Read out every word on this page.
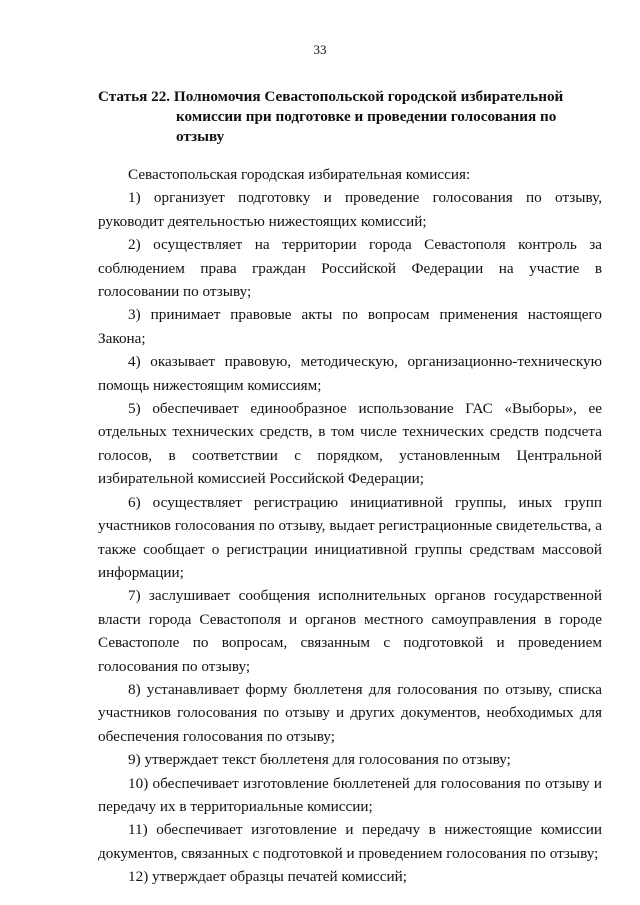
33
Статья 22. Полномочия Севастопольской городской избирательной
комиссии при подготовке и проведении голосования по отзыву

Севастопольская городская избирательная комиссия:

1) организует подготовку и проведение голосования по отзыву, руководит деятельностью нижестоящих комиссий;

2) осуществляет на территории города Севастополя контроль за соблюдением права граждан Российской Федерации на участие в голосовании по отзыву;

3) принимает правовые акты по вопросам применения настоящего Закона;

4) оказывает правовую, методическую, организационно-техническую помощь нижестоящим комиссиям;

5) обеспечивает единообразное использование ГАС «Выборы», ее отдельных технических средств, в том числе технических средств подсчета голосов, в соответствии с порядком, установленным Центральной избирательной комиссией Российской Федерации;

6) осуществляет регистрацию инициативной группы, иных групп участников голосования по отзыву, выдает регистрационные свидетельства, а также сообщает о регистрации инициативной группы средствам массовой информации;

7) заслушивает сообщения исполнительных органов государственной власти города Севастополя и органов местного самоуправления в городе Севастополе по вопросам, связанным с подготовкой и проведением голосования по отзыву;

8) устанавливает форму бюллетеня для голосования по отзыву, списка участников голосования по отзыву и других документов, необходимых для обеспечения голосования по отзыву;

9) утверждает текст бюллетеня для голосования по отзыву;

10) обеспечивает изготовление бюллетеней для голосования по отзыву и передачу их в территориальные комиссии;

11) обеспечивает изготовление и передачу в нижестоящие комиссии документов, связанных с подготовкой и проведением голосования по отзыву;

12) утверждает образцы печатей комиссий;
